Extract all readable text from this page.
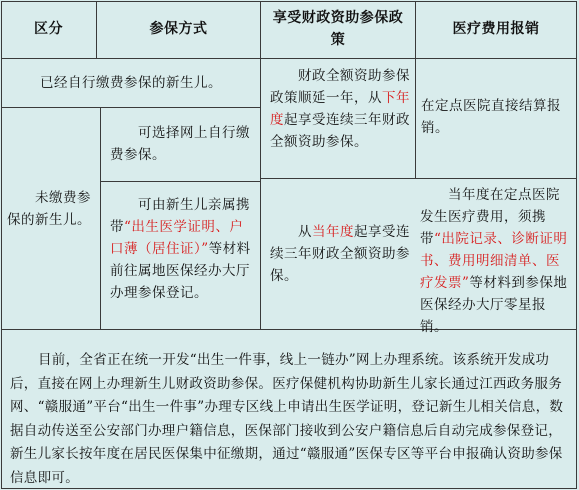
区分	参保方式
享受财政资助参保政策
医疗费用报销
已经自行缴费参保的新生儿。	财政全额资助参保政策顺延一年，从下年度起享受连续三年财政全额资助参保。
在定点医院直接结算报销。
未缴费参保的新生儿。
可选择网上自行缴费参保。
可由新生儿亲属携带“出生医学证明、户口薄（居住证）”等材料前往属地医保经办大厅办理参保登记。
从当年度起享受连续三年财政全额资助参保。
当年度在定点医院发生医疗费用，须携带“出院记录、诊断证明书、费用明细清单、医疗发票”等材料到参保地医保经办大厅零星报销。
目前，全省正在统一开发“出生一件事，线上一链办”网上办理系统。该系统开发成功后，直接在网上办理新生儿财政资助参保。医疗保健机构协助新生儿家长通过江西政务服务网、“赣服通”平台“出生一件事”办理专区线上申请出生医学证明，登记新生儿相关信息，数据自动传送至公安部门办理户籍信息，医保部门接收到公安户籍信息后自动完成参保登记，新生儿家长按年度在居民医保集中征缴期，通过“赣服通”医保专区等平台申报确认资助参保信息即可。
